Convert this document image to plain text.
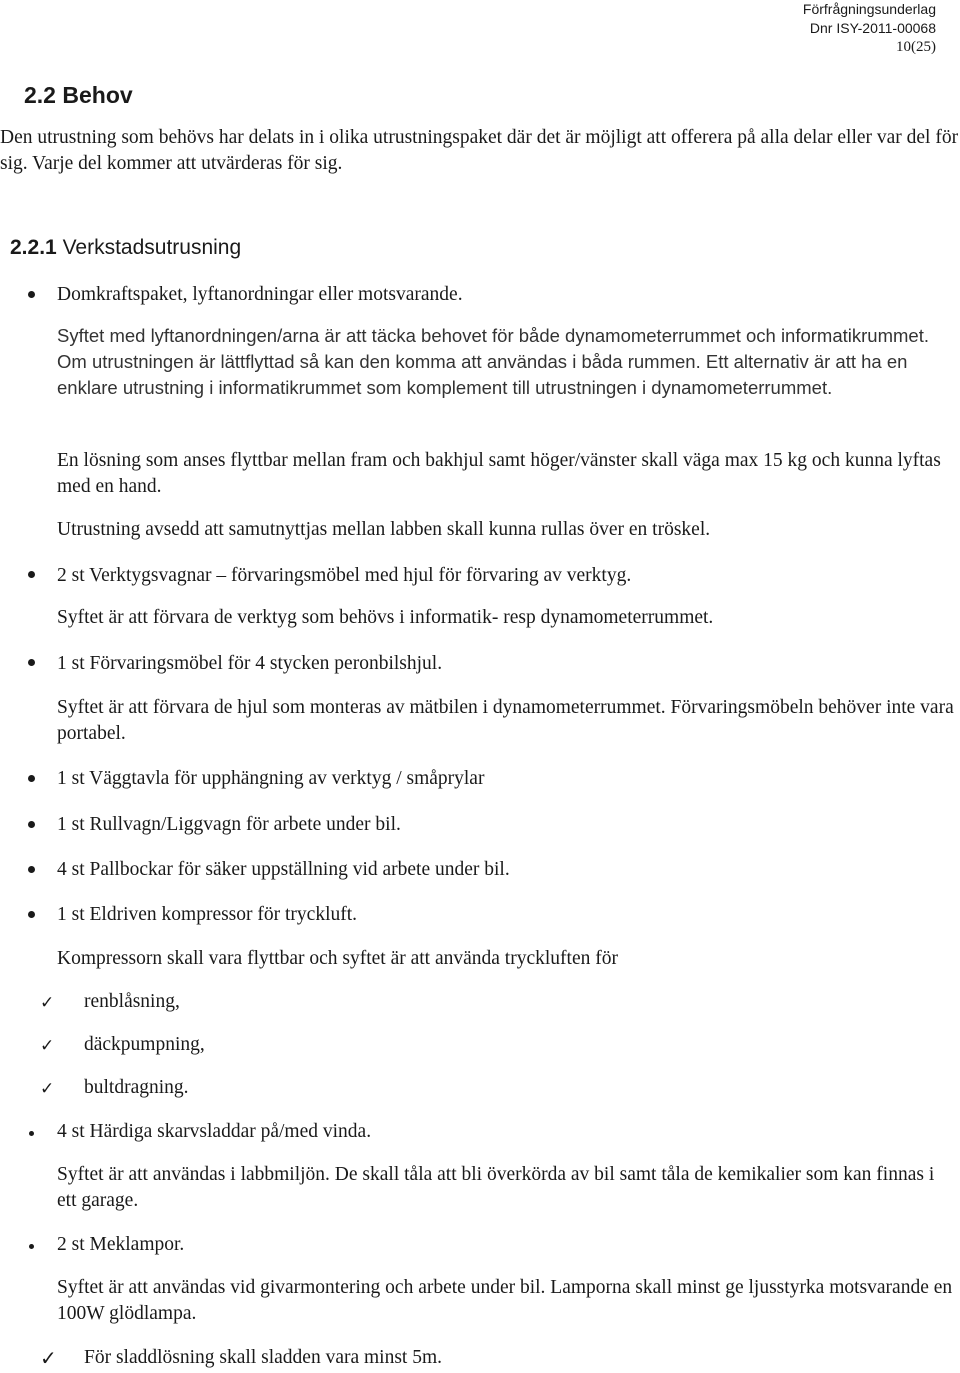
Förfrågningsunderlag
Dnr ISY-2011-00068
10(25)
2.2 Behov
Den utrustning som behövs har delats in i olika utrustningspaket där det är möjligt att offerera på alla delar eller var del för sig. Varje del kommer att utvärderas för sig.
2.2.1 Verkstadsutrusning
Domkraftspaket, lyftanordningar eller motsvarande.
Syftet med lyftanordningen/arna är att täcka behovet för både dynamometerrummet och informatikrummet. Om utrustningen är lättflyttad så kan den komma att användas i båda rummen. Ett alternativ är att ha en enklare utrustning i informatikrummet som komplement till utrustningen i dynamometerrummet.
En lösning som anses flyttbar mellan fram och bakhjul samt höger/vänster skall väga max 15 kg och kunna lyftas med en hand.
Utrustning avsedd att samutnyttjas mellan labben skall kunna rullas över en tröskel.
2 st Verktygsvagnar – förvaringsmöbel med hjul för förvaring av verktyg.
Syftet är att förvara de verktyg som behövs i informatik- resp dynamometerrummet.
1 st Förvaringsmöbel för 4 stycken peronbilshjul.
Syftet är att förvara de hjul som monteras av mätbilen i dynamometerrummet. Förvaringsmöbeln behöver inte vara portabel.
1 st Väggtavla för upphängning av verktyg / småprylar
1 st Rullvagn/Liggvagn för arbete under bil.
4 st Pallbockar för säker uppställning vid arbete under bil.
1 st Eldriven kompressor för tryckluft.
Kompressorn skall vara flyttbar och syftet är att använda tryckluften för
✓ renblåsning,
✓ däckpumpning,
✓ bultdragning.
4 st Härdiga skarvsladdar på/med vinda.
Syftet är att användas i labbmiljön. De skall tåla att bli överkörda av bil samt tåla de kemikalier som kan finnas i ett garage.
2 st Meklampor.
Syftet är att användas vid givarmontering och arbete under bil. Lamporna skall minst ge ljusstyrka motsvarande en 100W glödlampa.
✓ För sladdlösning skall sladden vara minst 5m.
